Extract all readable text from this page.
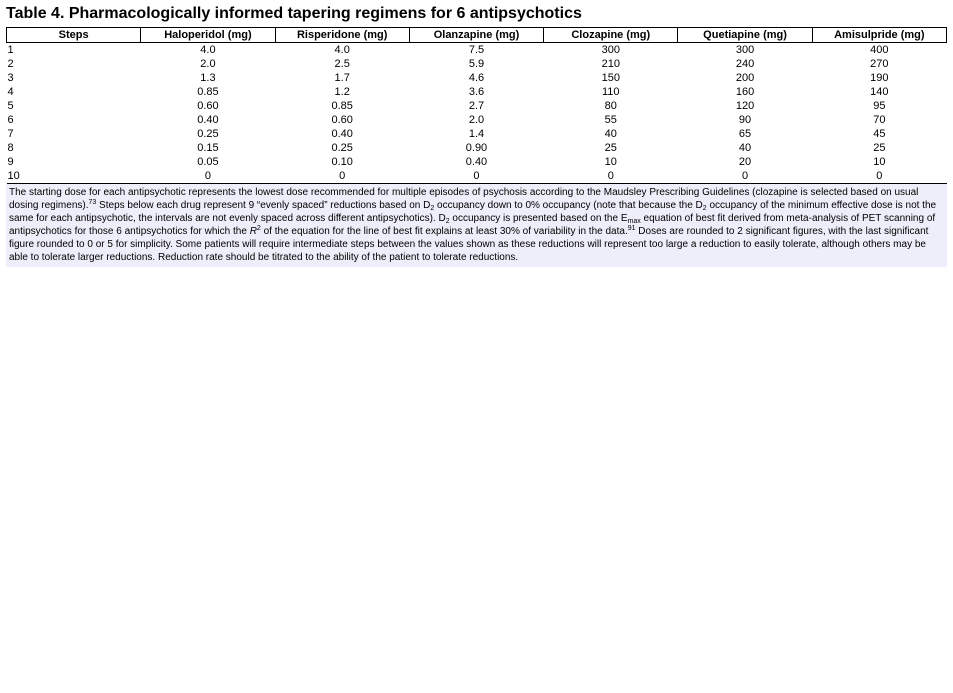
Table 4. Pharmacologically informed tapering regimens for 6 antipsychotics
Steps	Haloperidol (mg)	Risperidone (mg)	Olanzapine (mg)	Clozapine (mg)	Quetiapine (mg)	Amisulpride (mg)
1	4.0	4.0	7.5	300	300	400
2	2.0	2.5	5.9	210	240	270
3	1.3	1.7	4.6	150	200	190
4	0.85	1.2	3.6	110	160	140
5	0.60	0.85	2.7	80	120	95
6	0.40	0.60	2.0	55	90	70
7	0.25	0.40	1.4	40	65	45
8	0.15	0.25	0.90	25	40	25
9	0.05	0.10	0.40	10	20	10
10	0	0	0	0	0	0
The starting dose for each antipsychotic represents the lowest dose recommended for multiple episodes of psychosis according to the Maudsley Prescribing Guidelines (clozapine is selected based on usual dosing regimens).$^{73}$ Steps below each drug represent 9 “evenly spaced” reductions based on $D_2$ occupancy down to 0% occupancy (note that because the $D_2$ occupancy of the minimum effective dose is not the same for each antipsychotic, the intervals are not evenly spaced across different antipsychotics). $D_2$ occupancy is presented based on the $E_{max}$ equation of best fit derived from meta-analysis of PET scanning of antipsychotics for those 6 antipsychotics for which the $R^2$ of the equation for the line of best fit explains at least 30% of variability in the data.$^{91}$ Doses are rounded to 2 significant figures, with the last significant figure rounded to 0 or 5 for simplicity. Some patients will require intermediate steps between the values shown as these reductions will represent too large a reduction to easily tolerate, although others may be able to tolerate larger reductions. Reduction rate should be titrated to the ability of the patient to tolerate reductions.
